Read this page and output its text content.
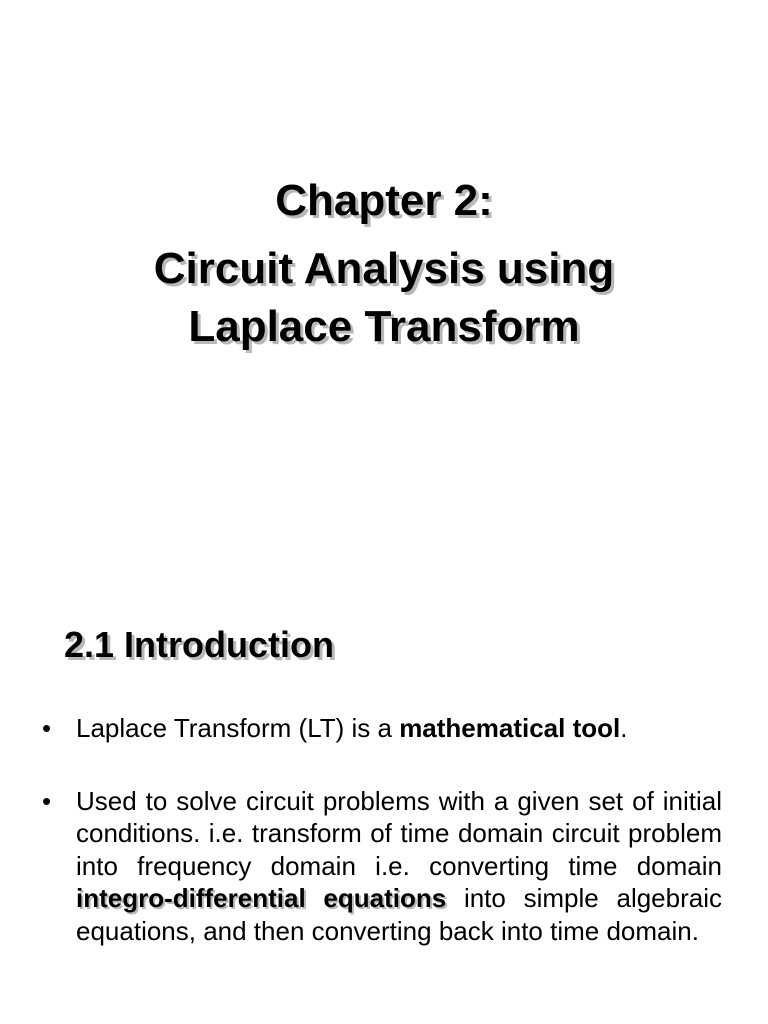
Chapter 2:
Circuit Analysis using
Laplace Transform
2.1 Introduction
• Laplace Transform (LT) is a mathematical tool.
• Used to solve circuit problems with a given set of initial conditions. i.e. transform of time domain circuit problem into frequency domain i.e. converting time domain integro-differential equations into simple algebraic equations, and then converting back into time domain.
